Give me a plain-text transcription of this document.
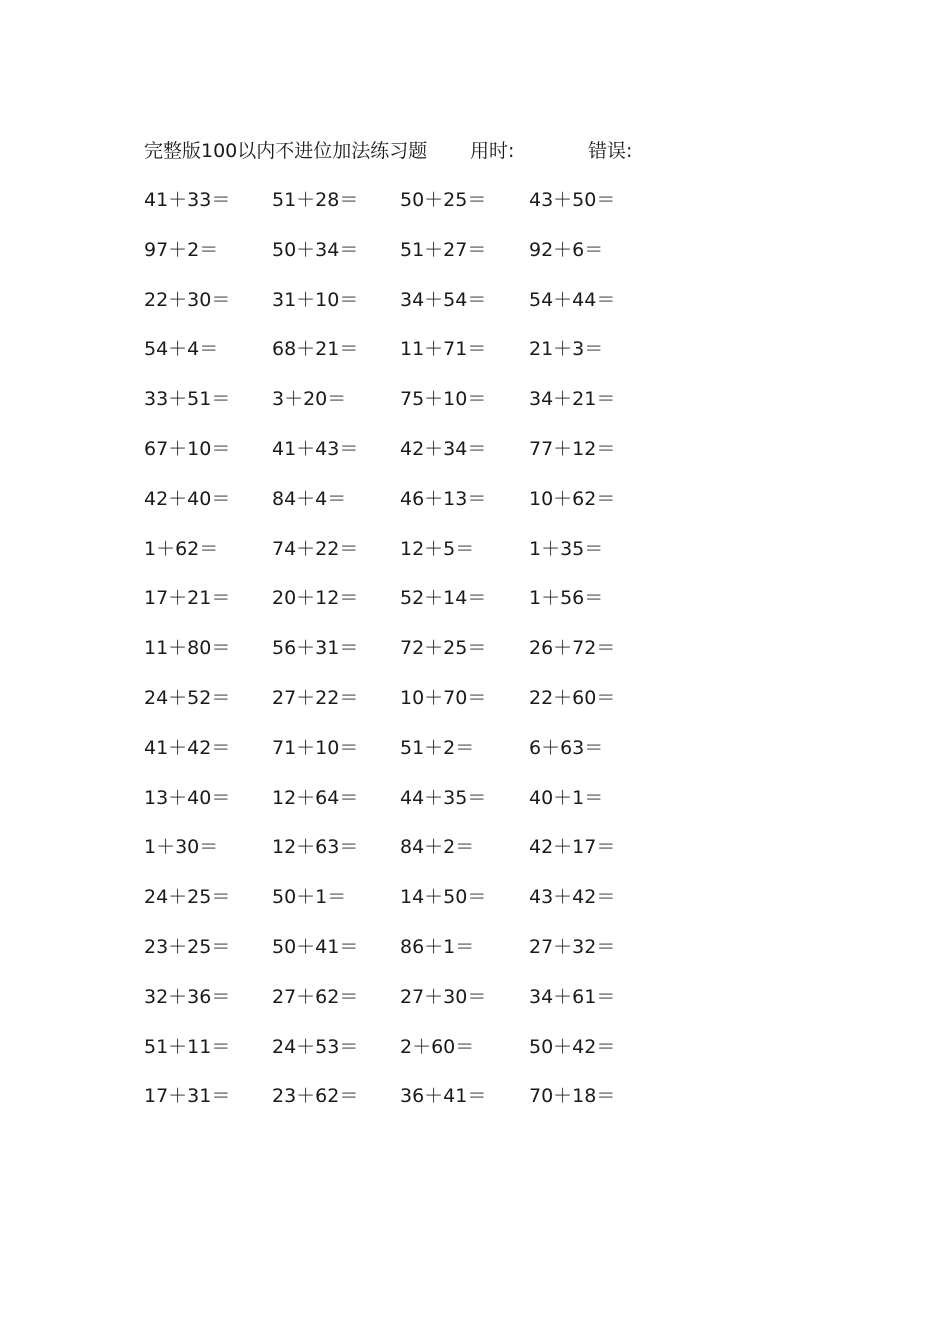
完整版100以内不进位加法练习题 用时:	错误:
41＋33＝ 51＋28＝ 50＋25＝ 43＋50＝
97＋2＝	50＋34＝ 51＋27＝ 92＋6＝
22＋30＝ 31＋10＝ 34＋54＝ 54＋44＝
54＋4＝	68＋21＝ 11＋71＝ 21＋3＝
33＋51＝ 3＋20＝	75＋10＝ 34＋21＝
67＋10＝ 41＋43＝ 42＋34＝ 77＋12＝
42＋40＝ 84＋4＝	46＋13＝ 10＋62＝
1＋62＝	74＋22＝ 12＋5＝	1＋35＝
17＋21＝ 20＋12＝ 52＋14＝ 1＋56＝
11＋80＝ 56＋31＝ 72＋25＝ 26＋72＝
24＋52＝ 27＋22＝ 10＋70＝ 22＋60＝
41＋42＝ 71＋10＝ 51＋2＝	6＋63＝
13＋40＝ 12＋64＝ 44＋35＝ 40＋1＝
1＋30＝	12＋63＝ 84＋2＝	42＋17＝
24＋25＝ 50＋1＝	14＋50＝ 43＋42＝
23＋25＝ 50＋41＝ 86＋1＝	27＋32＝
32＋36＝ 27＋62＝ 27＋30＝ 34＋61＝
51＋11＝ 24＋53＝ 2＋60＝	50＋42＝
17＋31＝ 23＋62＝ 36＋41＝ 70＋18＝
